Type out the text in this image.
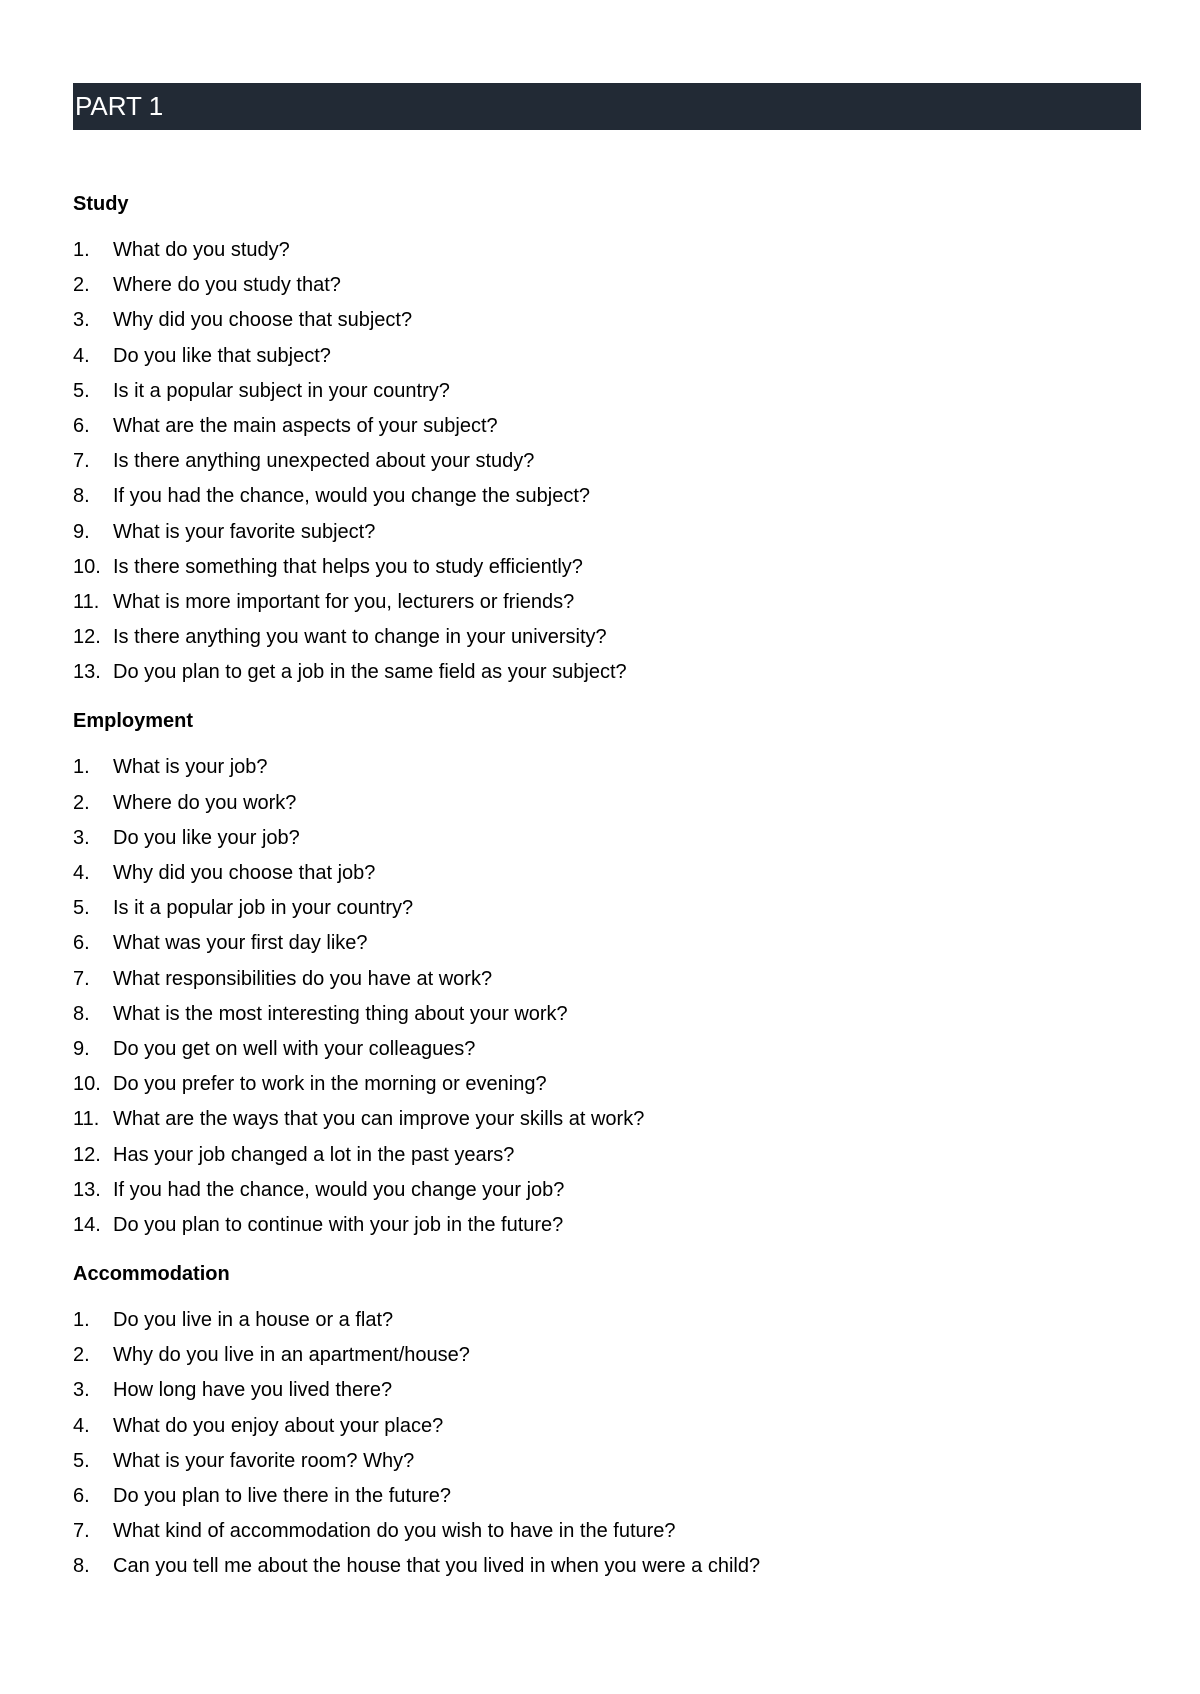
PART 1
Study
1.	What do you study?
2.	Where do you study that?
3.	Why did you choose that subject?
4.	Do you like that subject?
5.	Is it a popular subject in your country?
6.	What are the main aspects of your subject?
7.	Is there anything unexpected about your study?
8.	If you had the chance, would you change the subject?
9.	What is your favorite subject?
10. Is there something that helps you to study efficiently?
11. What is more important for you, lecturers or friends?
12. Is there anything you want to change in your university?
13. Do you plan to get a job in the same field as your subject?
Employment
1.	What is your job?
2.	Where do you work?
3.	Do you like your job?
4.	Why did you choose that job?
5.	Is it a popular job in your country?
6.	What was your first day like?
7.	What responsibilities do you have at work?
8.	What is the most interesting thing about your work?
9.	Do you get on well with your colleagues?
10. Do you prefer to work in the morning or evening?
11. What are the ways that you can improve your skills at work?
12. Has your job changed a lot in the past years?
13. If you had the chance, would you change your job?
14. Do you plan to continue with your job in the future?
Accommodation
1.	Do you live in a house or a flat?
2.	Why do you live in an apartment/house?
3.	How long have you lived there?
4.	What do you enjoy about your place?
5.	What is your favorite room? Why?
6.	Do you plan to live there in the future?
7.	What kind of accommodation do you wish to have in the future?
8.	Can you tell me about the house that you lived in when you were a child?
